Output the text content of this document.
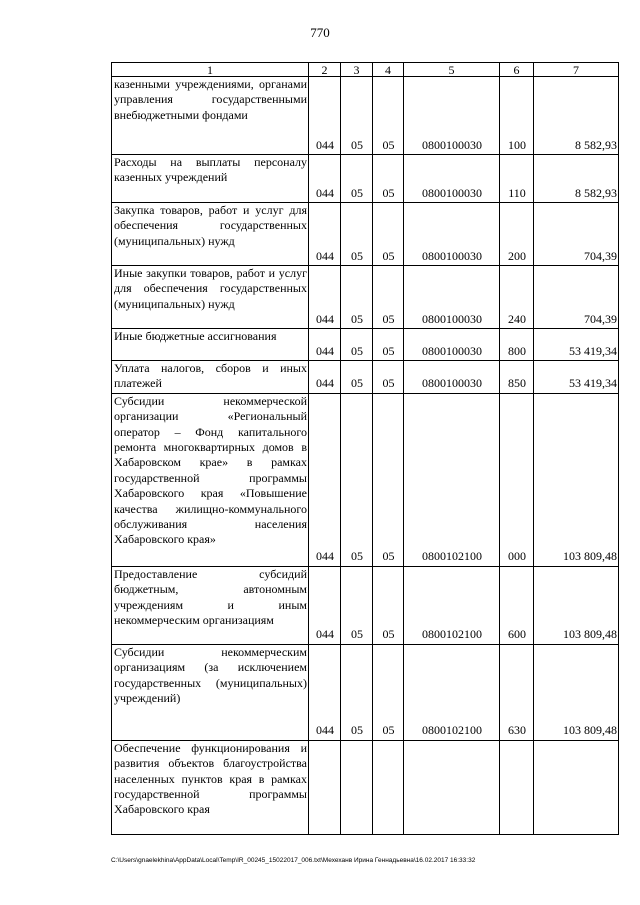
770
1	2	3	4	5	6	7
казенными учреждениями, органами управления государственными внебюджетными фондами	044	05	05	0800100030	100	8 582,93
Расходы на выплаты персоналу казенных учреждений	044	05	05	0800100030	110	8 582,93
Закупка товаров, работ и услуг для обеспечения государственных (муниципальных) нужд	044	05	05	0800100030	200	704,39
Иные закупки товаров, работ и услуг для обеспечения государственных (муниципальных) нужд	044	05	05	0800100030	240	704,39
Иные бюджетные ассигнования	044	05	05	0800100030	800	53 419,34
Уплата налогов, сборов и иных платежей	044	05	05	0800100030	850	53 419,34
Субсидии некоммерческой организации «Региональный оператор – Фонд капитального ремонта многоквартирных домов в Хабаровском крае» в рамках государственной программы Хабаровского края «Повышение качества жилищно-коммунального обслуживания населения Хабаровского края»	044	05	05	0800102100	000	103 809,48
Предоставление субсидий бюджетным, автономным учреждениям и иным некоммерческим организациям	044	05	05	0800102100	600	103 809,48
Субсидии некоммерческим организациям (за исключением государственных (муниципальных) учреждений)	044	05	05	0800102100	630	103 809,48
Обеспечение функционирования и развития объектов благоустройства населенных пунктов края в рамках государственной программы Хабаровского края						
C:\Users\gnaelekhina\AppData\Local\Temp\IR_00245_15022017_006.txt\Мехеханв Ирина Геннадьевна\16.02.2017 16:33:32
